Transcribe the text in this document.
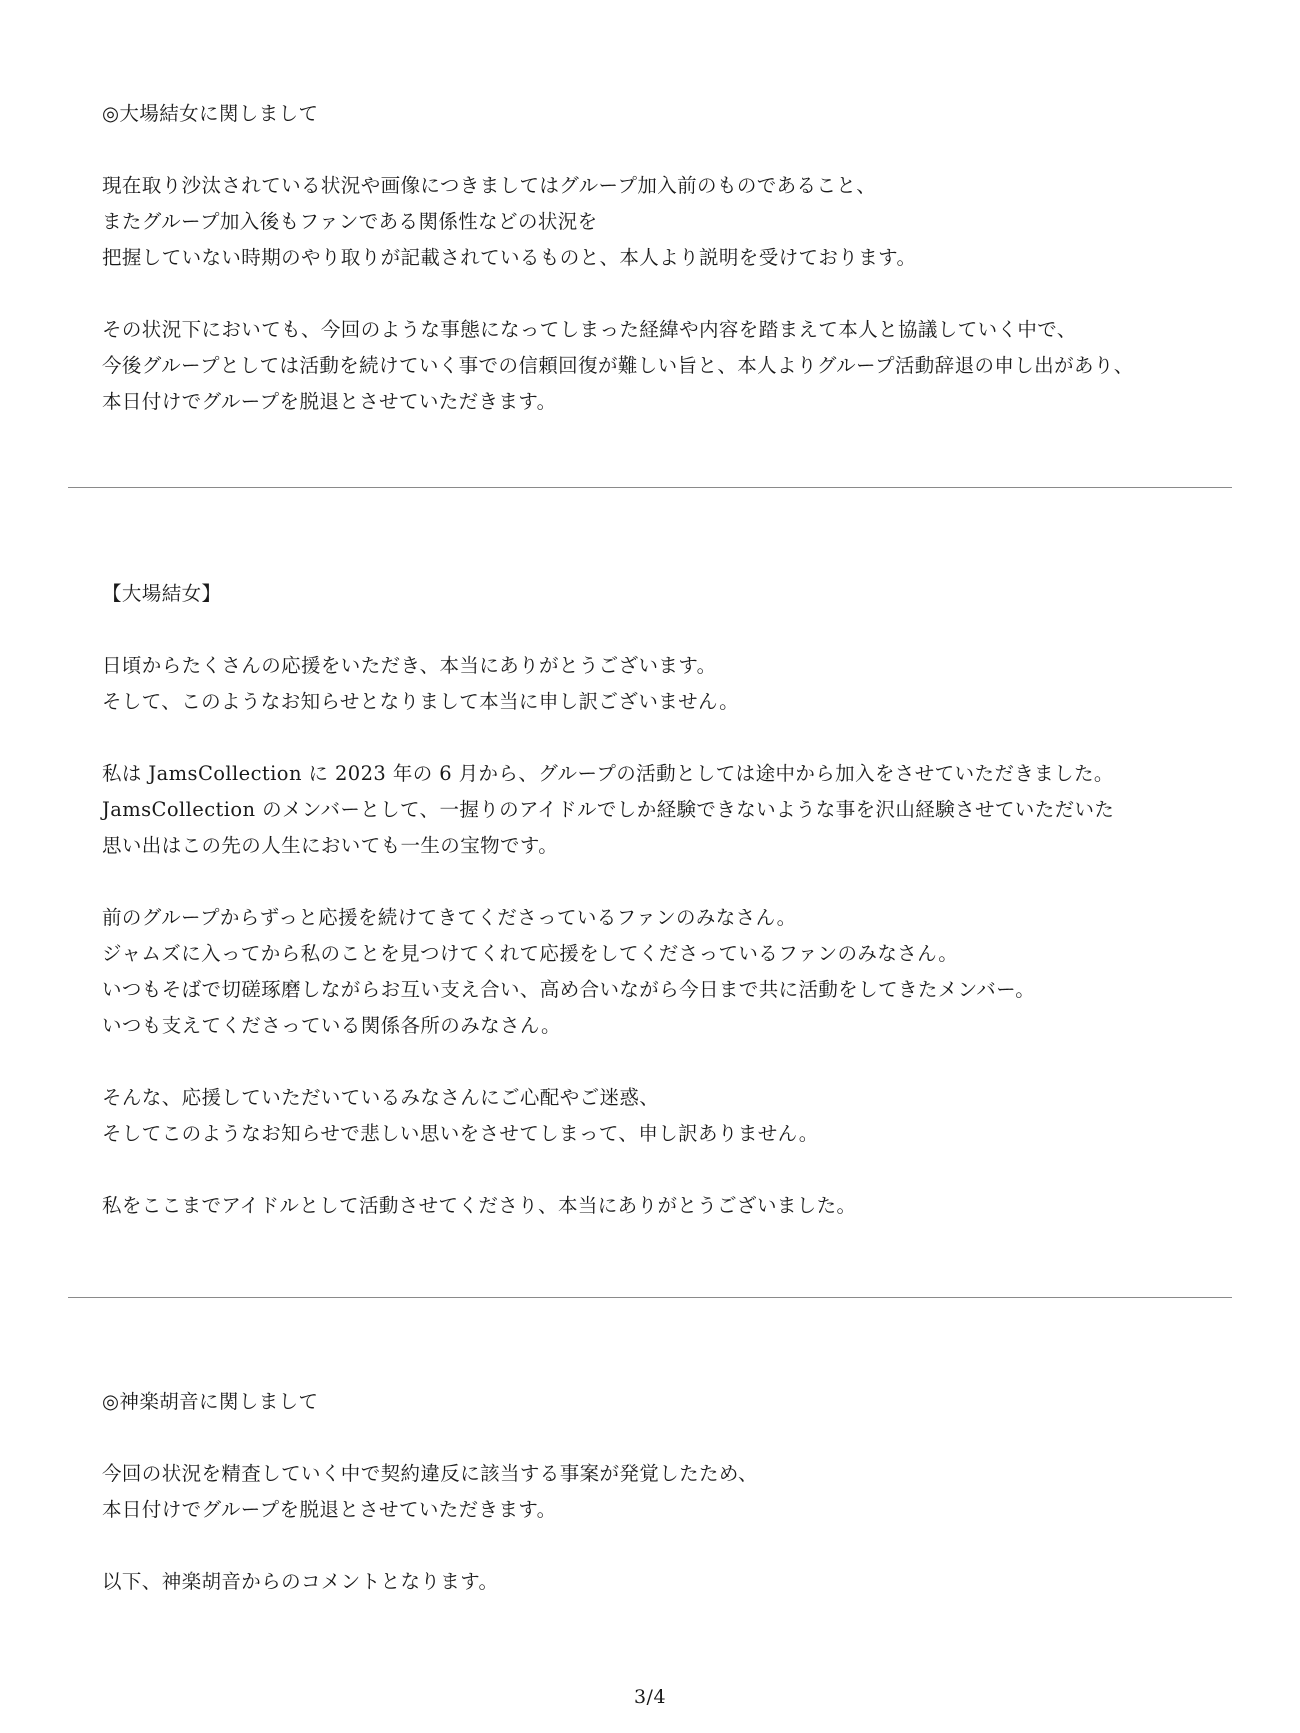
◎大場結女に関しまして
現在取り沙汰されている状況や画像につきましてはグループ加入前のものであること、
またグループ加入後もファンである関係性などの状況を
把握していない時期のやり取りが記載されているものと、本人より説明を受けております。
その状況下においても、今回のような事態になってしまった経緯や内容を踏まえて本人と協議していく中で、
今後グループとしては活動を続けていく事での信頼回復が難しい旨と、本人よりグループ活動辞退の申し出があり、
本日付けでグループを脱退とさせていただきます。
【大場結女】
日頃からたくさんの応援をいただき、本当にありがとうございます。
そして、このようなお知らせとなりまして本当に申し訳ございません。
私は JamsCollection に 2023 年の 6 月から、グループの活動としては途中から加入をさせていただきました。
JamsCollection のメンバーとして、一握りのアイドルでしか経験できないような事を沢山経験させていただいた
思い出はこの先の人生においても一生の宝物です。
前のグループからずっと応援を続けてきてくださっているファンのみなさん。
ジャムズに入ってから私のことを見つけてくれて応援をしてくださっているファンのみなさん。
いつもそばで切磋琢磨しながらお互い支え合い、高め合いながら今日まで共に活動をしてきたメンバー。
いつも支えてくださっている関係各所のみなさん。
そんな、応援していただいているみなさんにご心配やご迷惑、
そしてこのようなお知らせで悲しい思いをさせてしまって、申し訳ありません。
私をここまでアイドルとして活動させてくださり、本当にありがとうございました。
◎神楽胡音に関しまして
今回の状況を精査していく中で契約違反に該当する事案が発覚したため、
本日付けでグループを脱退とさせていただきます。
以下、神楽胡音からのコメントとなります。
3/4
